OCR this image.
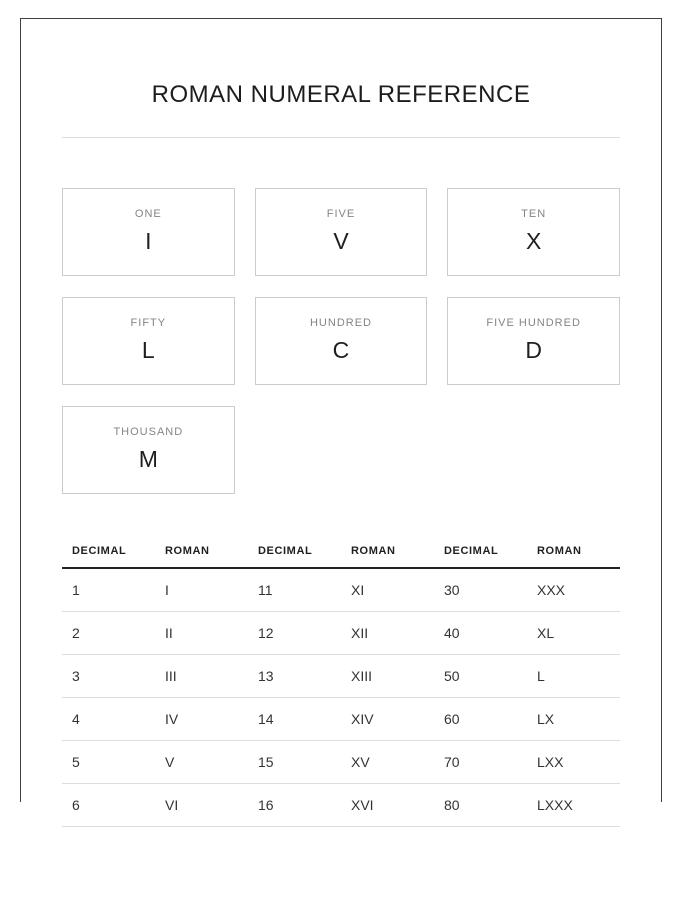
ROMAN NUMERAL REFERENCE
ONE
I
FIVE
V
TEN
X
FIFTY
L
HUNDRED
C
FIVE HUNDRED
D
THOUSAND
M
DECIMAL	ROMAN	DECIMAL	ROMAN	DECIMAL	ROMAN
1	I	11	XI	30	XXX
2	II	12	XII	40	XL
3	III	13	XIII	50	L
4	IV	14	XIV	60	LX
5	V	15	XV	70	LXX
6	VI	16	XVI	80	LXXX
